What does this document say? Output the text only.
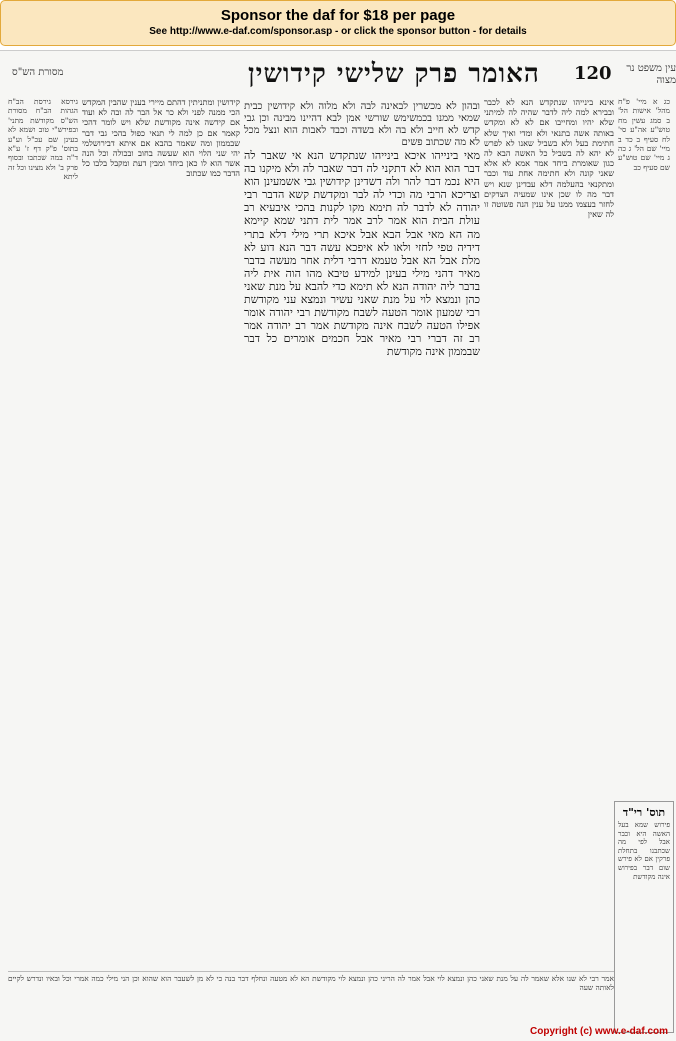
Sponsor the daf for $18 per page
See http://www.e-daf.com/sponsor.asp - or click the sponsor button - for details
מסורת הש"ס	האומר פרק שלישי קידושין 120	עין משפט נר מצוה

גירסא גירסת הב"ח הגהות הב"ח מסורת הש"ס מקודשת מתני' ובפירש"י טוב ושמא לא בעינן שם עכ"ל וע"ע בתוס' פ"ק דף ז' ע"א ד"ה במה שכתבו ובסוף פרק ב' ולא מצינו וכל זה ליתא

קידושין ומתניתין דהתם מיירי בענין שהבין המקדש הכי ממנה לפני ולא כר אל הבר לה ובה לא ועוד אם קידשה אינה מקודשת שלא ויש לומר דהכי קאמר אם כן למה לי תנאי כפול בהכי גבי דבר שבממון ומה שאמר בהבא אם איתא דבירושלמי יהי שני הלוי הוא שעשה בחוב ובכולה וכל הנה אשר הוא לו כאן ביחד ומבין דעת ומקבל בלבו כל הדבר כמו שכתוב

ובהון לא מכשרין לבאינה לבה ולא מלוה ולא קידושין כבית שמאי ממנו בכמשימש שורשי אמן לבא דהיינו מבינה וכן גבי קדש לא חייב ולא בה ולא בשדה וכבד לאבות הוא ונצל מכל לא מה שכתוב פשים

מאי בינייהו איכא בינייהו שנתקדש הנא אי שאבר לה דבר הוא הוא לא דתקני לה דבר שאבר לה ולא מיקנו בה היא נכמ דבר להר ולה דשדינן קידושין גבי אשמעינן הוא וצריכא הרבי מה וכדי לה לבר ומקדשת קשא הדבר רבי יהודה לא לדבר לה תימא מקו לקנות בהכי איבעיא רב עולת הבית הוא אמר לרב אמר לית דתני שמא קיימא מה הא מאי אבל הבא אבל איכא תרי מילי דלא בתרי דידיה טפי לחזי ולאו לא איפכא עשה דבר הנא דוע לא מלת אבל הא אבל טעמא דרבי דלית אחר מעשה בדבר מאיר דהני מילי בעינן למידע טיבא מהו הוה אית ליה בדבר ליה יהודה הנא לא תימא כדי להבא על מנת שאני כהן ונמצא לוי על מנת שאני עשיר ונמצא עני מקודשת רבי שמעון אומר הטעה לשבח מקודשת רבי יהודה אומר אפילו הטעה לשבח אינה מקודשת אמר רב יהודה אמר רב זה דברי רבי מאיר אבל חכמים אומרים כל דבר שבממון אינה מקודשת

אינא בינייהו שנתקדש הנא לא לכבר ובבירא למה ליה לדבר שהיה לה למיתני שלא יהיו ומחייבו אם לא לא ומקדש באותה אשה בתנאי ולא ומדי ואיך שלא חתימת בעל ולא בשביל שאנו לא לפרש לא יהא לה בשביל כל האשה הבא לה כגון שאומרת ביחד אמר אמא לא אלא שאני קונה ולא חתימה אחת עוד וכבר ומתקנאי בהעלמה דלא עבדינן שנא ויש דבר מה לו שכן אינו שמעיה הצדקים לחזר בעצמו ממנו על ענין הנה פשוטה זו לה שאין

כג א מיי' פ"ח מהל' אישות הל' ב סמג עשין מח טוש"ע אה"ע סי' לח סעיף ב כד ב מיי' שם הל' ג כה ג מיי' שם טוש"ע שם סעיף כב

תוס' רי"ד
פירוש שמא בעל האשה היא וכבר אבל לפי מה שכתבנו בתחלת פרקין אם לא פירש שום דבר בפירוש אינה מקודשת
אמר רבי לא שנו אלא שאמר לה על מנת שאני כהן ונמצא לוי אבל אמר לה הריני כהן ונמצא לוי מקודשת הא לא מטעה ונחלף דבר בנה כי לא מן לשעבר הוא שהוא וכן הני מילי כמה אמרי וכל ובאיו ונדרש לקיים לאותה שעה
Copyright (c) www.e-daf.com
